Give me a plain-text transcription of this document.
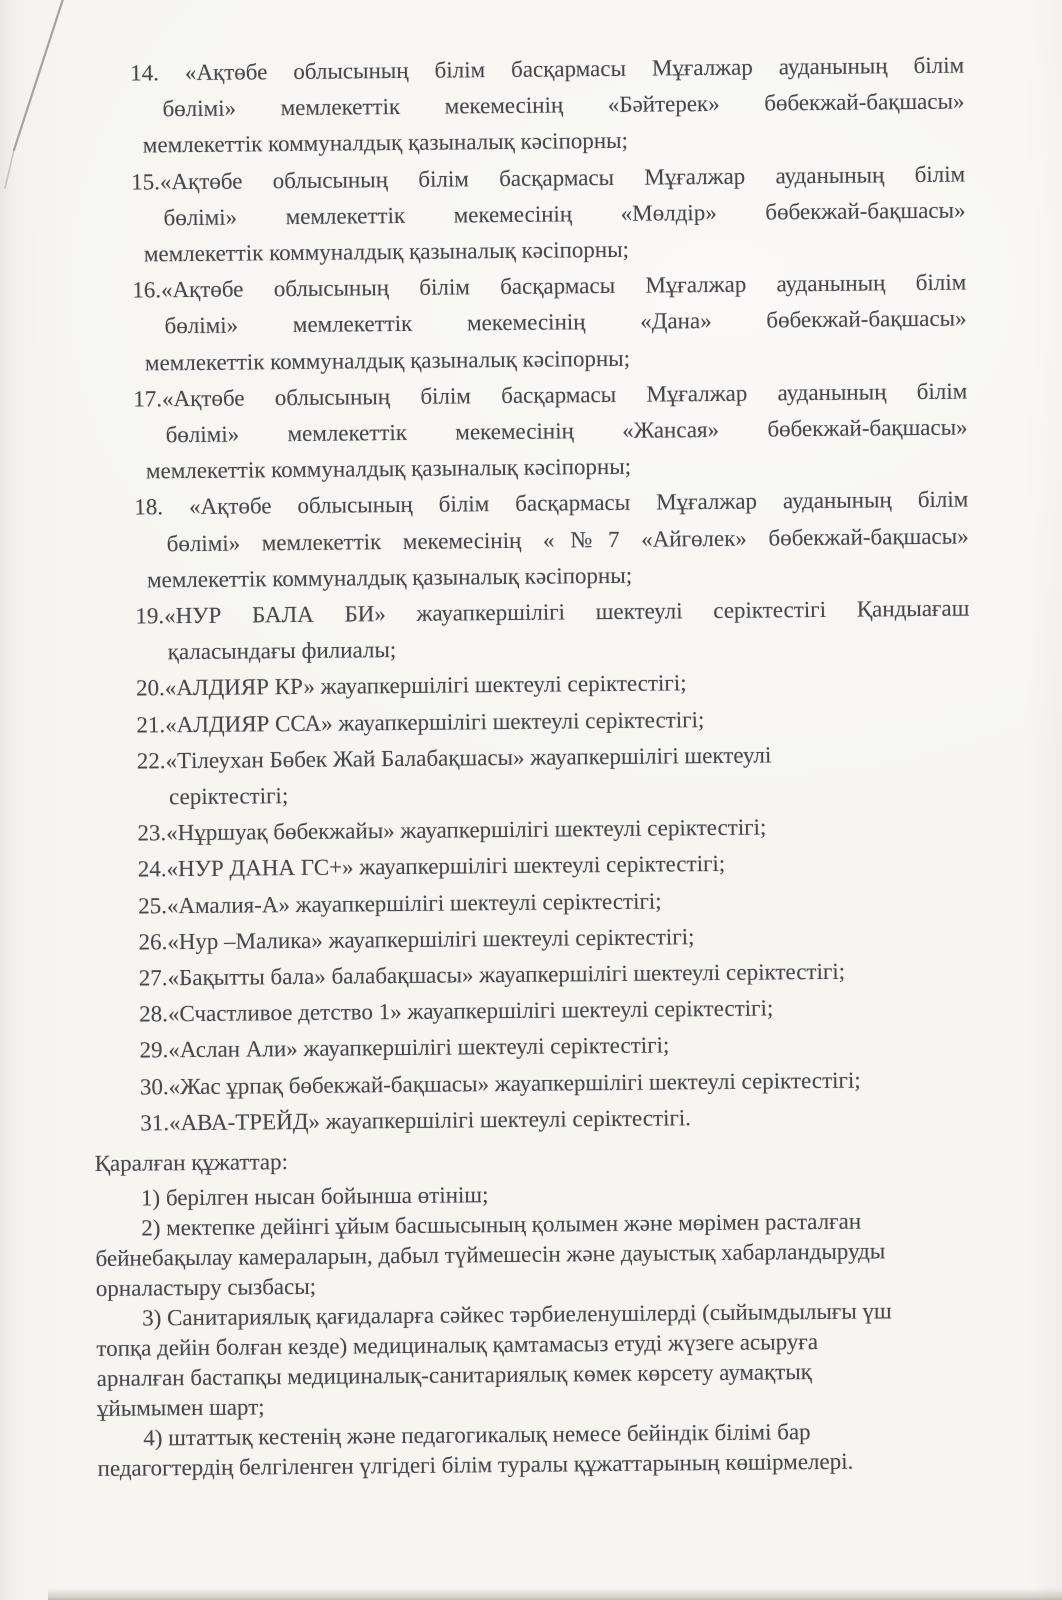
14. «Ақтөбе облысының білім басқармасы Мұғалжар ауданының білім
бөлімі» мемлекеттік мекемесінің «Бәйтерек» бөбекжай-бақшасы»
мемлекеттік коммуналдық қазыналық кәсіпорны;
15.«Ақтөбе облысының білім басқармасы Мұғалжар ауданының білім
бөлімі» мемлекеттік мекемесінің «Мөлдір» бөбекжай-бақшасы»
мемлекеттік коммуналдық қазыналық кәсіпорны;
16.«Ақтөбе облысының білім басқармасы Мұғалжар ауданының білім
бөлімі» мемлекеттік мекемесінің «Дана» бөбекжай-бақшасы»
мемлекеттік коммуналдық қазыналық кәсіпорны;
17.«Ақтөбе облысының білім басқармасы Мұғалжар ауданының білім
бөлімі» мемлекеттік мекемесінің «Жансая» бөбекжай-бақшасы»
мемлекеттік коммуналдық қазыналық кәсіпорны;
18. «Ақтөбе облысының білім басқармасы Мұғалжар ауданының білім
бөлімі» мемлекеттік мекемесінің «№7 «Айгөлек» бөбекжай-бақшасы»
мемлекеттік коммуналдық қазыналық кәсіпорны;
19.«НУР БАЛА БИ» жауапкершілігі шектеулі серіктестігі Қандыағаш
қаласындағы филиалы;
20.«АЛДИЯР КР» жауапкершілігі шектеулі серіктестігі;
21.«АЛДИЯР ССА» жауапкершілігі шектеулі серіктестігі;
22.«Тілеухан Бөбек Жай Балабақшасы» жауапкершілігі шектеулі
серіктестігі;
23.«Нұршуақ бөбекжайы» жауапкершілігі шектеулі серіктестігі;
24.«НУР ДАНА ГС+» жауапкершілігі шектеулі серіктестігі;
25.«Амалия-А» жауапкершілігі шектеулі серіктестігі;
26.«Нур –Малика» жауапкершілігі шектеулі серіктестігі;
27.«Бақытты бала» балабақшасы» жауапкершілігі шектеулі серіктестігі;
28.«Счастливое детство 1» жауапкершілігі шектеулі серіктестігі;
29.«Аслан Али» жауапкершілігі шектеулі серіктестігі;
30.«Жас ұрпақ бөбекжай-бақшасы» жауапкершілігі шектеулі серіктестігі;
31.«АВА-ТРЕЙД» жауапкершілігі шектеулі серіктестігі.
Қаралған құжаттар:
1) берілген нысан бойынша өтініш;
2) мектепке дейінгі ұйым басшысының қолымен және мөрімен расталған
бейнебақылау камераларын, дабыл түймешесін және дауыстық хабарландыруды
орналастыру сызбасы;
3) Санитариялық қағидаларға сәйкес тәрбиеленушілерді (сыйымдылығы үш
топқа дейін болған кезде) медициналық қамтамасыз етуді жүзеге асыруға
арналған бастапқы медициналық-санитариялық көмек көрсету аумақтық
ұйымымен шарт;
4) штаттық кестенің және педагогикалық немесе бейіндік білімі бар
педагогтердің белгіленген үлгідегі білім туралы құжаттарының көшірмелері.
